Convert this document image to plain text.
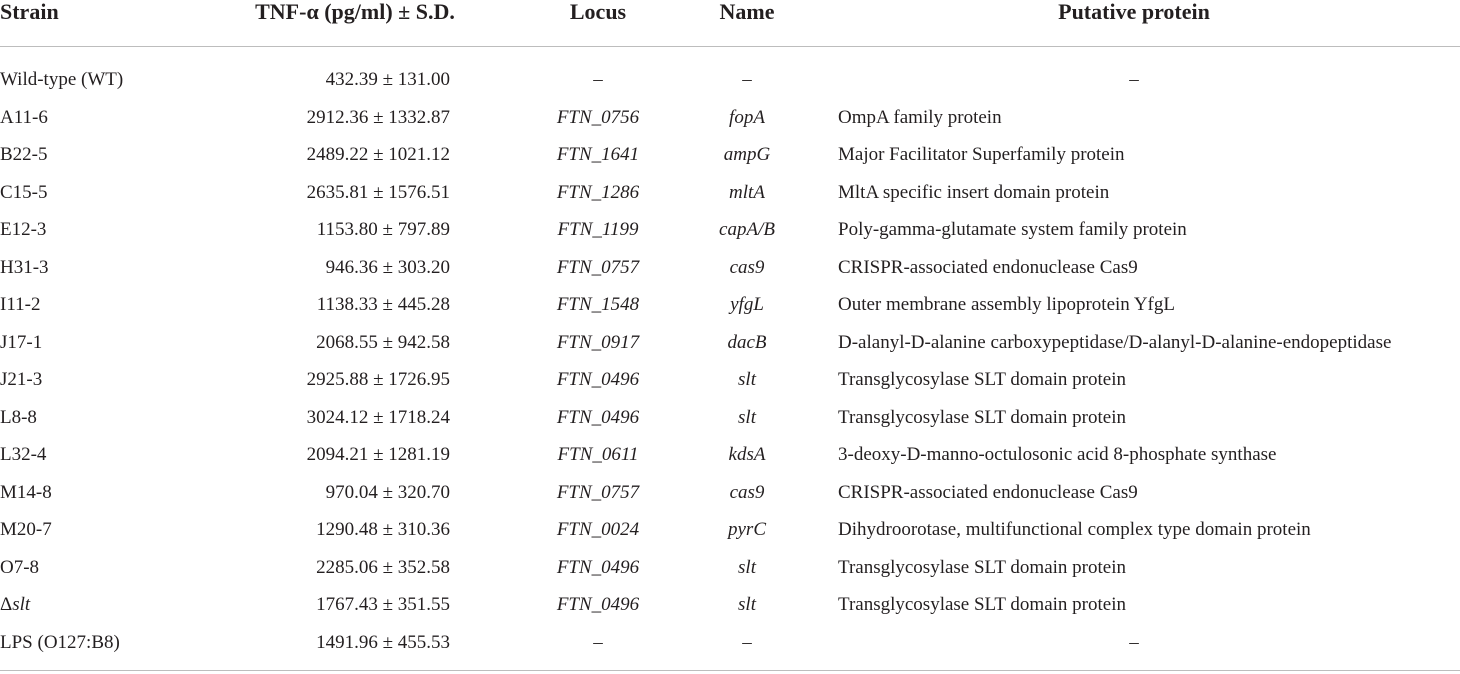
Strain	TNF-α (pg/ml) ± S.D.	Locus	Name	Putative protein
Wild-type (WT)	432.39 ± 131.00	–	–	–
A11-6	2912.36 ± 1332.87	FTN_0756	fopA	OmpA family protein
B22-5	2489.22 ± 1021.12	FTN_1641	ampG	Major Facilitator Superfamily protein
C15-5	2635.81 ± 1576.51	FTN_1286	mltA	MltA specific insert domain protein
E12-3	1153.80 ± 797.89	FTN_1199	capA/B	Poly-gamma-glutamate system family protein
H31-3	946.36 ± 303.20	FTN_0757	cas9	CRISPR-associated endonuclease Cas9
I11-2	1138.33 ± 445.28	FTN_1548	yfgL	Outer membrane assembly lipoprotein YfgL
J17-1	2068.55 ± 942.58	FTN_0917	dacB	D-alanyl-D-alanine carboxypeptidase/D-alanyl-D-alanine-endopeptidase
J21-3	2925.88 ± 1726.95	FTN_0496	slt	Transglycosylase SLT domain protein
L8-8	3024.12 ± 1718.24	FTN_0496	slt	Transglycosylase SLT domain protein
L32-4	2094.21 ± 1281.19	FTN_0611	kdsA	3-deoxy-D-manno-octulosonic acid 8-phosphate synthase
M14-8	970.04 ± 320.70	FTN_0757	cas9	CRISPR-associated endonuclease Cas9
M20-7	1290.48 ± 310.36	FTN_0024	pyrC	Dihydroorotase, multifunctional complex type domain protein
O7-8	2285.06 ± 352.58	FTN_0496	slt	Transglycosylase SLT domain protein
Δslt	1767.43 ± 351.55	FTN_0496	slt	Transglycosylase SLT domain protein
LPS (O127:B8)	1491.96 ± 455.53	–	–	–
